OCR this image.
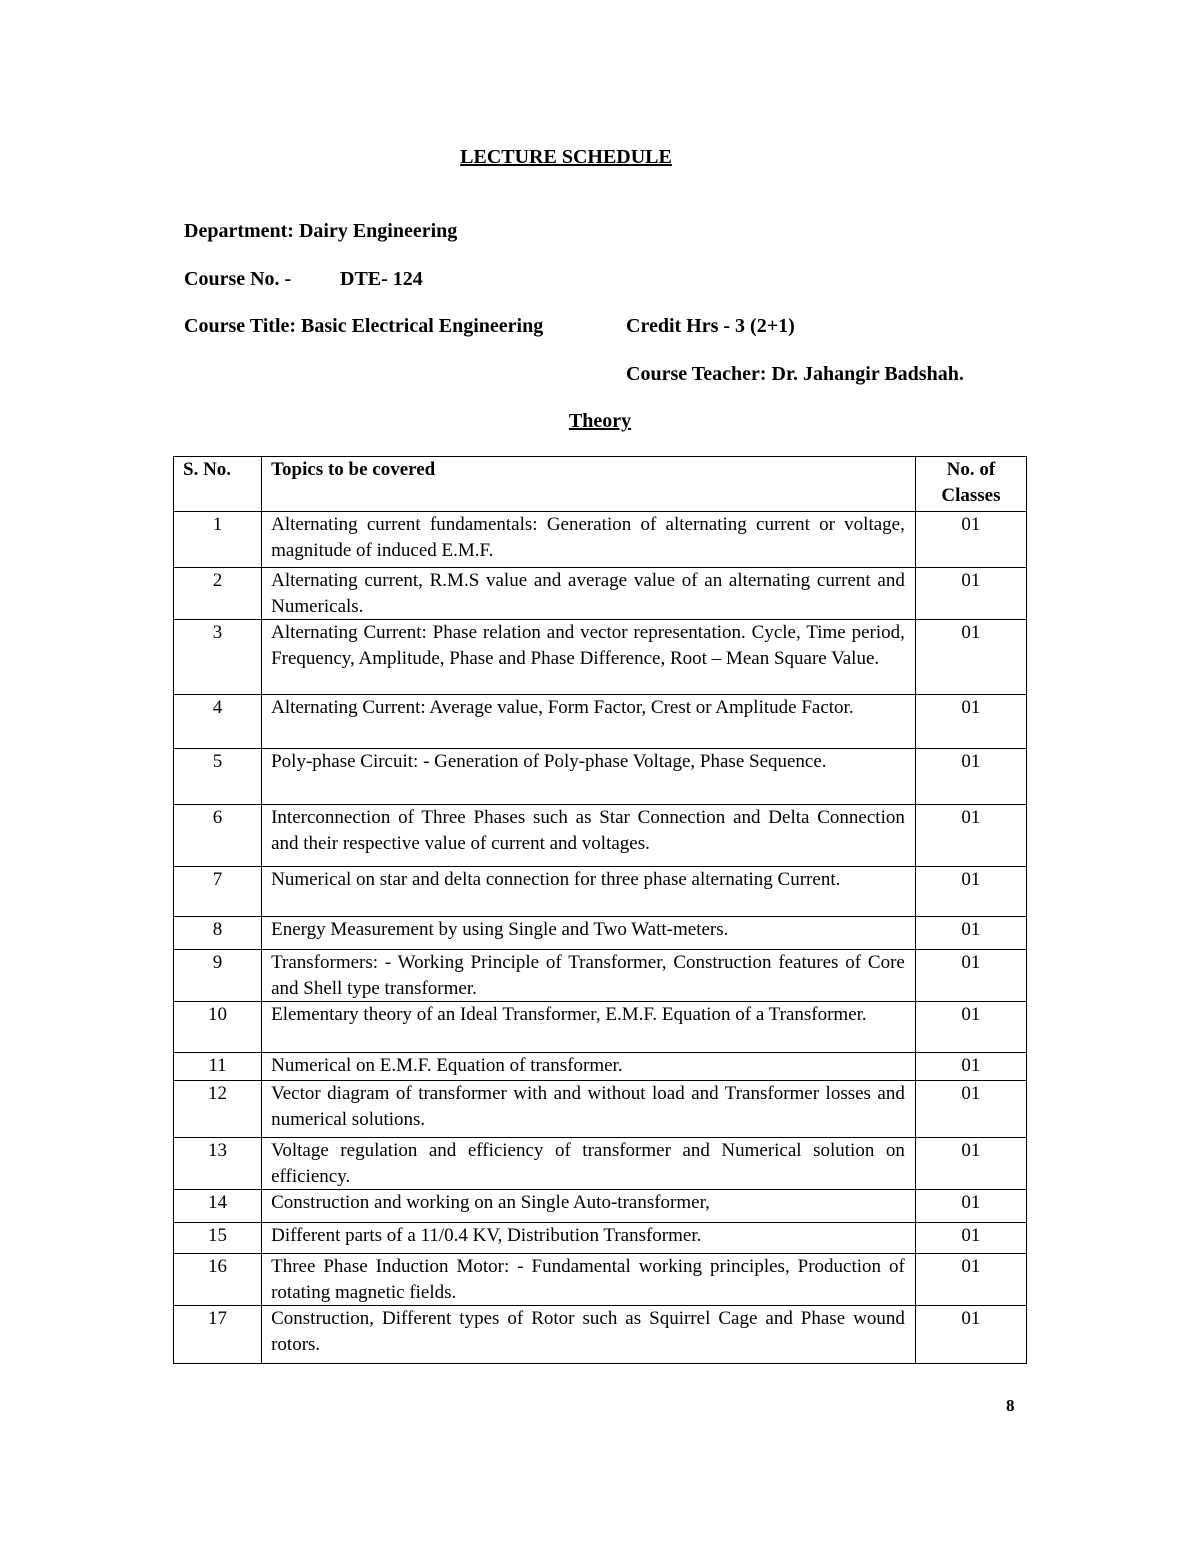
LECTURE SCHEDULE
Department: Dairy Engineering
Course No. - DTE- 124
Course Title: Basic Electrical Engineering	Credit Hrs - 3 (2+1)
Course Teacher: Dr. Jahangir Badshah.
Theory
S. No.	Topics to be covered	No. of Classes
1	Alternating current fundamentals: Generation of alternating current or voltage, magnitude of induced E.M.F.	01
2	Alternating current, R.M.S value and average value of an alternating current and Numericals.	01
3	Alternating Current: Phase relation and vector representation. Cycle, Time period, Frequency, Amplitude, Phase and Phase Difference, Root – Mean Square Value.	01
4	Alternating Current: Average value, Form Factor, Crest or Amplitude Factor.	01
5	Poly-phase Circuit: - Generation of Poly-phase Voltage, Phase Sequence.	01
6	Interconnection of Three Phases such as Star Connection and Delta Connection and their respective value of current and voltages.	01
7	Numerical on star and delta connection for three phase alternating Current.	01
8	Energy Measurement by using Single and Two Watt-meters.	01
9	Transformers: - Working Principle of Transformer, Construction features of Core and Shell type transformer.	01
10	Elementary theory of an Ideal Transformer, E.M.F. Equation of a Transformer.	01
11	Numerical on E.M.F. Equation of transformer.	01
12	Vector diagram of transformer with and without load and Transformer losses and numerical solutions.	01
13	Voltage regulation and efficiency of transformer and Numerical solution on efficiency.	01
14	Construction and working on an Single Auto-transformer,	01
15	Different parts of a 11/0.4 KV, Distribution Transformer.	01
16	Three Phase Induction Motor: - Fundamental working principles, Production of rotating magnetic fields.	01
17	Construction, Different types of Rotor such as Squirrel Cage and Phase wound rotors.	01
8
